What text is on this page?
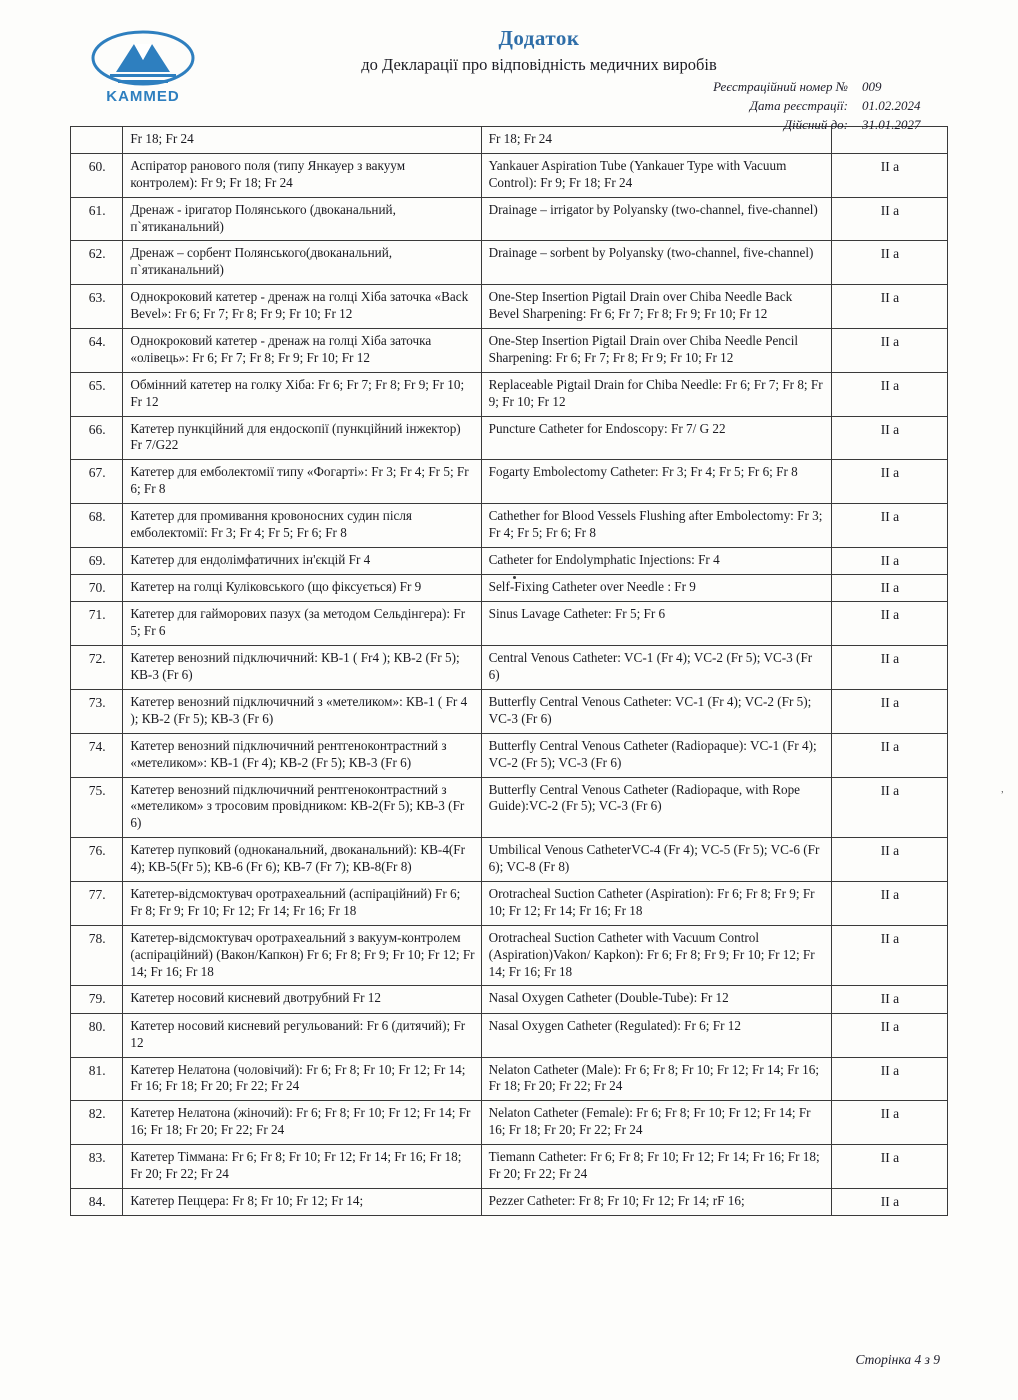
KAMMED
Додаток
до Декларації про відповідність медичних виробів
Реєстраційний номер №	009
Дата реєстрації:	01.02.2024
Дійсний до:	31.01.2027
	Fr 18; Fr 24	Fr 18; Fr 24	
60.	Аспіратор ранового поля (типу Янкауер з вакуум контролем): Fr 9; Fr 18; Fr 24	Yankauer Aspiration Tube (Yankauer Type with Vacuum Control): Fr 9; Fr 18; Fr 24	II a
61.	Дренаж - іригатор Полянського (двоканальний, п`ятиканальний)	Drainage – irrigator by Polyansky (two-channel, five-channel)	II a
62.	Дренаж – сорбент Полянського(двоканальний, п`ятиканальний)	Drainage – sorbent by Polyansky (two-channel, five-channel)	II a
63.	Однокроковий катетер - дренаж на голці Хіба заточка «Back Bevel»: Fr 6; Fr 7; Fr 8; Fr 9; Fr 10; Fr 12	One-Step Insertion Pigtail Drain over Chiba Needle Back Bevel Sharpening: Fr 6; Fr 7; Fr 8; Fr 9; Fr 10; Fr 12	II a
64.	Однокроковий катетер - дренаж на голці Хіба заточка «олівець»: Fr 6; Fr 7; Fr 8; Fr 9; Fr 10; Fr 12	One-Step Insertion Pigtail Drain over Chiba Needle Pencil Sharpening: Fr 6; Fr 7; Fr 8; Fr 9; Fr 10; Fr 12	II a
65.	Обмінний катетер на голку Хіба: Fr 6; Fr 7; Fr 8; Fr 9; Fr 10; Fr 12	Replaceable Pigtail Drain for Chiba Needle: Fr 6; Fr 7; Fr 8; Fr 9; Fr 10; Fr 12	II a
66.	Катетер пункційний для ендоскопії (пункційний інжектор) Fr 7/G22	Puncture Catheter for Endoscopy: Fr 7/ G 22	II a
67.	Катетер для емболектомії типу «Фогарті»: Fr 3; Fr 4; Fr 5; Fr 6; Fr 8	Fogarty Embolectomy Catheter: Fr 3; Fr 4; Fr 5; Fr 6; Fr 8	II a
68.	Катетер для промивання кровоносних судин після емболектомії: Fr 3; Fr 4; Fr 5; Fr 6; Fr 8	Cathether for Blood Vessels Flushing after Embolectomy: Fr 3; Fr 4; Fr 5; Fr 6; Fr 8	II a
69.	Катетер для ендолімфатичних ін'єкцій Fr 4	Catheter for Endolymphatic Injections: Fr 4	II a
70.	Катетер на голці Куліковського (що фіксується) Fr 9	Self-Fixing Catheter over Needle : Fr 9	II a
71.	Катетер для гайморових пазух (за методом Сельдінгера): Fr 5; Fr 6	Sinus Lavage Catheter: Fr 5; Fr 6	II a
72.	Катетер венозний підключичний: КВ-1 ( Fr4 ); КВ-2 (Fr 5); КВ-3 (Fr 6)	Central Venous Catheter: VC-1 (Fr 4); VC-2 (Fr 5); VC-3 (Fr 6)	II a
73.	Катетер венозний підключичний з «метеликом»: КВ-1 ( Fr 4 ); КВ-2 (Fr 5); КВ-3 (Fr 6)	Butterfly Central Venous Catheter: VC-1 (Fr 4); VC-2 (Fr 5); VC-3 (Fr 6)	II a
74.	Катетер венозний підключичний рентгеноконтрастний з «метеликом»: КВ-1 (Fr 4); КВ-2 (Fr 5); КВ-3 (Fr 6)	Butterfly Central Venous Catheter (Radiopaque): VC-1 (Fr 4); VC-2 (Fr 5); VC-3 (Fr 6)	II a
75.	Катетер венозний підключичний рентгеноконтрастний з «метеликом» з тросовим провідником: КВ-2(Fr 5); КВ-3 (Fr 6)	Butterfly Central Venous Catheter (Radiopaque, with Rope Guide):VC-2 (Fr 5); VC-3 (Fr 6)	II a
76.	Катетер пупковий (одноканальний, двоканальний): КВ-4(Fr 4); КВ-5(Fr 5); КВ-6 (Fr 6); КВ-7 (Fr 7); КВ-8(Fr 8)	Umbilical Venous CatheterVC-4 (Fr 4); VC-5 (Fr 5); VC-6 (Fr 6); VC-8 (Fr 8)	II a
77.	Катетер-відсмоктувач оротрахеальний (аспіраційний) Fr 6; Fr 8; Fr 9; Fr 10; Fr 12; Fr 14; Fr 16; Fr 18	Orotracheal Suction Catheter (Aspiration): Fr 6; Fr 8; Fr 9; Fr 10; Fr 12; Fr 14; Fr 16; Fr 18	II a
78.	Катетер-відсмоктувач оротрахеальний з вакуум-контролем (аспіраційний) (Вакон/Капкон) Fr 6; Fr 8; Fr 9; Fr 10; Fr 12; Fr 14; Fr 16; Fr 18	Orotracheal Suction Catheter with Vacuum Control (Aspiration)Vakon/ Kapkon): Fr 6; Fr 8; Fr 9; Fr 10; Fr 12; Fr 14; Fr 16; Fr 18	II a
79.	Катетер носовий кисневий двотрубний Fr 12	Nasal Oxygen Catheter (Double-Tube): Fr 12	II a
80.	Катетер носовий кисневий регульований: Fr 6 (дитячий); Fr 12	Nasal Oxygen Catheter (Regulated): Fr 6; Fr 12	II a
81.	Катетер Нелатона (чоловічий): Fr 6; Fr 8; Fr 10; Fr 12; Fr 14; Fr 16; Fr 18; Fr 20; Fr 22; Fr 24	Nelaton Catheter (Male): Fr 6; Fr 8; Fr 10; Fr 12; Fr 14; Fr 16; Fr 18; Fr 20; Fr 22; Fr 24	II a
82.	Катетер Нелатона (жіночий): Fr 6; Fr 8; Fr 10; Fr 12; Fr 14; Fr 16; Fr 18; Fr 20; Fr 22; Fr 24	Nelaton Catheter (Female): Fr 6; Fr 8; Fr 10; Fr 12; Fr 14; Fr 16; Fr 18; Fr 20; Fr 22; Fr 24	II a
83.	Катетер Тіммана: Fr 6; Fr 8; Fr 10; Fr 12; Fr 14; Fr 16; Fr 18; Fr 20; Fr 22; Fr 24	Tiemann Catheter: Fr 6; Fr 8; Fr 10; Fr 12; Fr 14; Fr 16; Fr 18; Fr 20; Fr 22; Fr 24	II a
84.	Катетер Пеццера: Fr 8; Fr 10; Fr 12; Fr 14;	Pezzer Catheter: Fr 8; Fr 10; Fr 12; Fr 14; rF 16;	II a
ʼ
Сторінка 4 з 9
